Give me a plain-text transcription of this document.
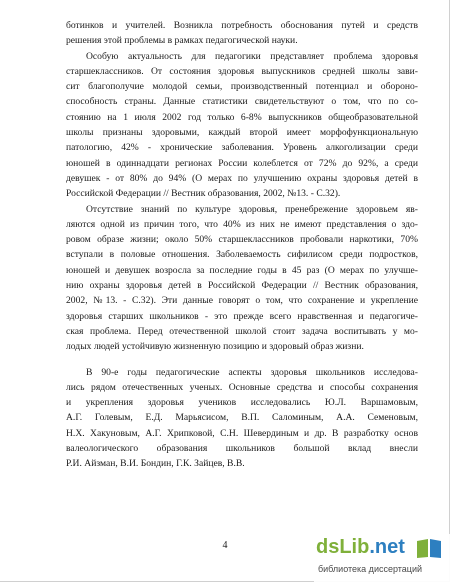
ботинков и учителей. Возникла потребность обоснования путей и средств
решения этой проблемы в рамках педагогической науки.
Особую актуальность для педагогики представляет проблема здоровья
старшеклассников. От состояния здоровья выпускников средней школы зави-
сит благополучие молодой семьи, производственный потенциал и обороно-
способность страны. Данные статистики свидетельствуют о том, что по со-
стоянию на 1 июля 2002 год только 6-8% выпускников общеобразовательной
школы признаны здоровыми, каждый второй имеет морфофункциональную
патологию, 42% - хронические заболевания. Уровень алкоголизации среди
юношей в одиннадцати регионах России колеблется от 72% до 92%, а среди
девушек - от 80% до 94% (О мерах по улучшению охраны здоровья детей в
Российской Федерации // Вестник образования, 2002, №13. - С.32).
Отсутствие знаний по культуре здоровья, пренебрежение здоровьем яв-
ляются одной из причин того, что 40% из них не имеют представления о здо-
ровом образе жизни; около 50% старшеклассников пробовали наркотики, 70%
вступали в половые отношения. Заболеваемость сифилисом среди подростков,
юношей и девушек возросла за последние годы в 45 раз (О мерах по улучше-
нию охраны здоровья детей в Российской Федерации // Вестник образования,
2002, №13. - С.32). Эти данные говорят о том, что сохранение и укрепление
здоровья старших школьников - это прежде всего нравственная и педагогиче-
ская проблема. Перед отечественной школой стоит задача воспитывать у мо-
лодых людей устойчивую жизненную позицию и здоровый образ жизни.
В 90-е годы педагогические аспекты здоровья школьников исследова-
лись рядом отечественных ученых. Основные средства и способы сохранения
и укрепления здоровья учеников исследовались Ю.Л. Варшамовым,
А.Г. Голевым, Е.Д. Марьясисом, В.П. Саломиным, А.А. Семеновым,
Н.Х. Хакуновым, А.Г. Хрипковой, С.Н. Шевердиным и др. В разработку основ
валеологического образования школьников большой вклад внесли
Р.И. Айзман, В.И. Бондин, Г.К. Зайцев, В.В.
4	dsLib.net
библиотека диссертаций
